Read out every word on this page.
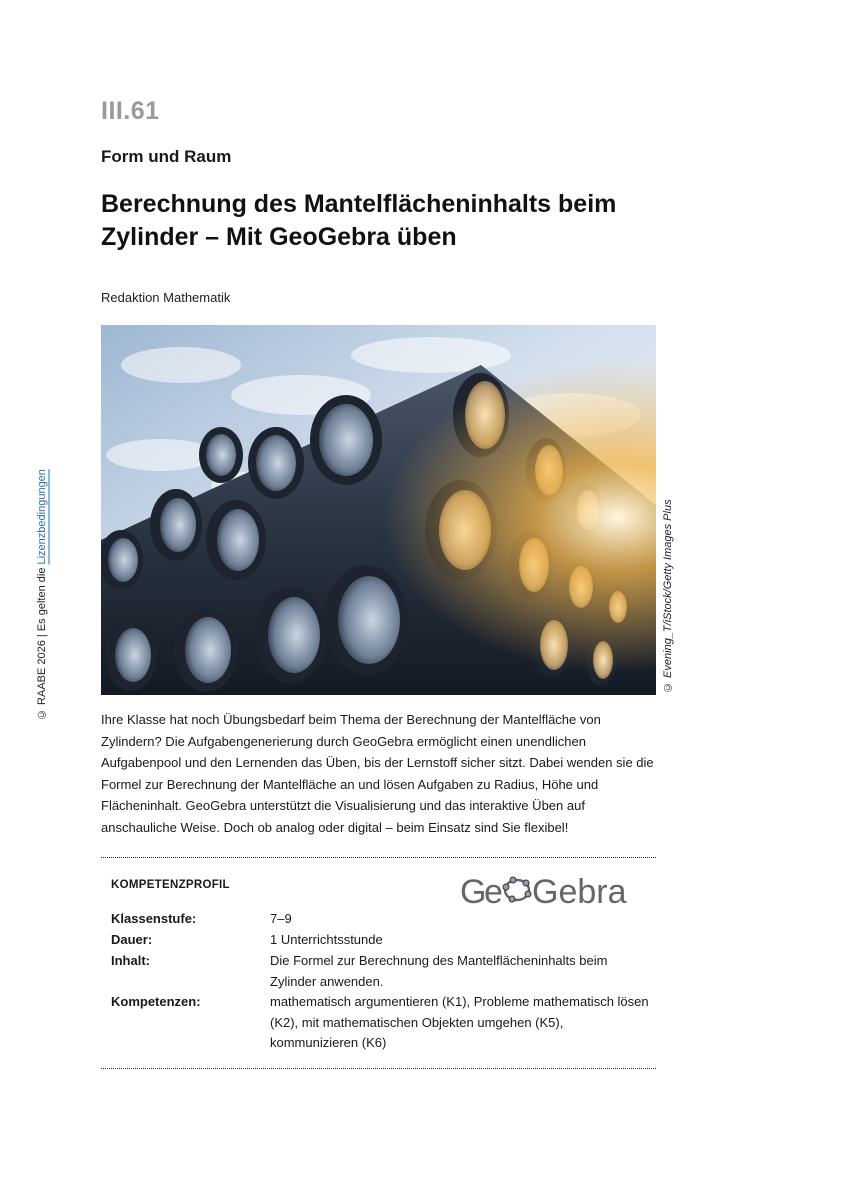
© RAABE 2026 | Es gelten die Lizenzbedingungen	© Evening_T/iStock/Getty Images Plus
III.61
Form und Raum
Berechnung des Mantelflächeninhalts beim Zylinder – Mit GeoGebra üben
Redaktion Mathematik

Ihre Klasse hat noch Übungsbedarf beim Thema der Berechnung der Mantelfläche von Zylindern? Die Aufgabengenerierung durch GeoGebra ermöglicht einen unendlichen Aufgabenpool und den Lernenden das Üben, bis der Lernstoff sicher sitzt. Dabei wenden sie die Formel zur Berechnung der Mantelfläche an und lösen Aufgaben zu Radius, Höhe und Flächeninhalt. GeoGebra unterstützt die Visualisierung und das interaktive Üben auf anschauliche Weise. Doch ob analog oder digital – beim Einsatz sind Sie flexibel!

KOMPETENZPROFIL	G
e Gebra
Klassenstufe:	7–9
Dauer:	1 Unterrichtsstunde
Inhalt:	Die Formel zur Berechnung des Mantelflächeninhalts beim Zylinder anwenden.
Kompetenzen:	mathematisch argumentieren (K1), Probleme mathematisch lösen (K2), mit mathematischen Objekten umgehen (K5), kommunizieren (K6)
